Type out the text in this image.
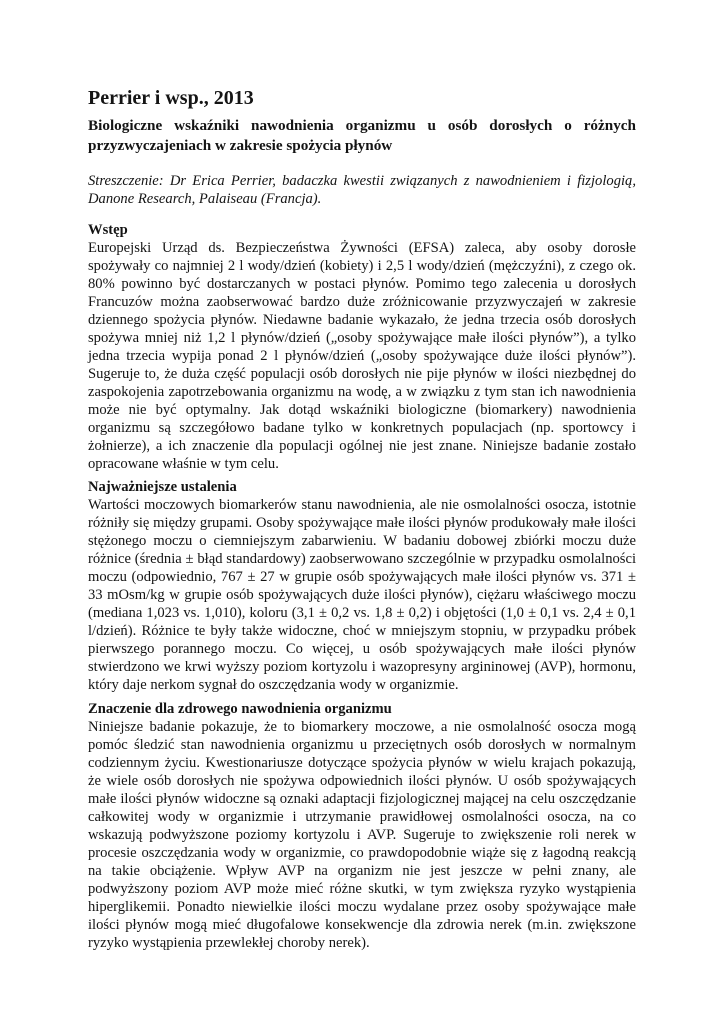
Perrier i wsp., 2013

Biologiczne wskaźniki nawodnienia organizmu u osób dorosłych o różnych przyzwyczajeniach w zakresie spożycia płynów

Streszczenie: Dr Erica Perrier, badaczka kwestii związanych z nawodnieniem i fizjologią, Danone Research, Palaiseau (Francja).

Wstęp

Europejski Urząd ds. Bezpieczeństwa Żywności (EFSA) zaleca, aby osoby dorosłe spożywały co najmniej 2 l wody/dzień (kobiety) i 2,5 l wody/dzień (mężczyźni), z czego ok. 80% powinno być dostarczanych w postaci płynów. Pomimo tego zalecenia u dorosłych Francuzów można zaobserwować bardzo duże zróżnicowanie przyzwyczajeń w zakresie dziennego spożycia płynów. Niedawne badanie wykazało, że jedna trzecia osób dorosłych spożywa mniej niż 1,2 l płynów/dzień („osoby spożywające małe ilości płynów”), a tylko jedna trzecia wypija ponad 2 l płynów/dzień („osoby spożywające duże ilości płynów”). Sugeruje to, że duża część populacji osób dorosłych nie pije płynów w ilości niezbędnej do zaspokojenia zapotrzebowania organizmu na wodę, a w związku z tym stan ich nawodnienia może nie być optymalny. Jak dotąd wskaźniki biologiczne (biomarkery) nawodnienia organizmu są szczegółowo badane tylko w konkretnych populacjach (np. sportowcy i żołnierze), a ich znaczenie dla populacji ogólnej nie jest znane. Niniejsze badanie zostało opracowane właśnie w tym celu.

Najważniejsze ustalenia

Wartości moczowych biomarkerów stanu nawodnienia, ale nie osmolalności osocza, istotnie różniły się między grupami. Osoby spożywające małe ilości płynów produkowały małe ilości stężonego moczu o ciemniejszym zabarwieniu. W badaniu dobowej zbiórki moczu duże różnice (średnia ± błąd standardowy) zaobserwowano szczególnie w przypadku osmolalności moczu (odpowiednio, 767 ± 27 w grupie osób spożywających małe ilości płynów vs. 371 ± 33 mOsm/kg w grupie osób spożywających duże ilości płynów), ciężaru właściwego moczu (mediana 1,023 vs. 1,010), koloru (3,1 ± 0,2 vs. 1,8 ± 0,2) i objętości (1,0 ± 0,1 vs. 2,4 ± 0,1 l/dzień). Różnice te były także widoczne, choć w mniejszym stopniu, w przypadku próbek pierwszego porannego moczu. Co więcej, u osób spożywających małe ilości płynów stwierdzono we krwi wyższy poziom kortyzolu i wazopresyny argininowej (AVP), hormonu, który daje nerkom sygnał do oszczędzania wody w organizmie.

Znaczenie dla zdrowego nawodnienia organizmu

Niniejsze badanie pokazuje, że to biomarkery moczowe, a nie osmolalność osocza mogą pomóc śledzić stan nawodnienia organizmu u przeciętnych osób dorosłych w normalnym codziennym życiu. Kwestionariusze dotyczące spożycia płynów w wielu krajach pokazują, że wiele osób dorosłych nie spożywa odpowiednich ilości płynów. U osób spożywających małe ilości płynów widoczne są oznaki adaptacji fizjologicznej mającej na celu oszczędzanie całkowitej wody w organizmie i utrzymanie prawidłowej osmolalności osocza, na co wskazują podwyższone poziomy kortyzolu i AVP. Sugeruje to zwiększenie roli nerek w procesie oszczędzania wody w organizmie, co prawdopodobnie wiąże się z łagodną reakcją na takie obciążenie. Wpływ AVP na organizm nie jest jeszcze w pełni znany, ale podwyższony poziom AVP może mieć różne skutki, w tym zwiększa ryzyko wystąpienia hiperglikemii. Ponadto niewielkie ilości moczu wydalane przez osoby spożywające małe ilości płynów mogą mieć długofalowe konsekwencje dla zdrowia nerek (m.in. zwiększone ryzyko wystąpienia przewlekłej choroby nerek).
